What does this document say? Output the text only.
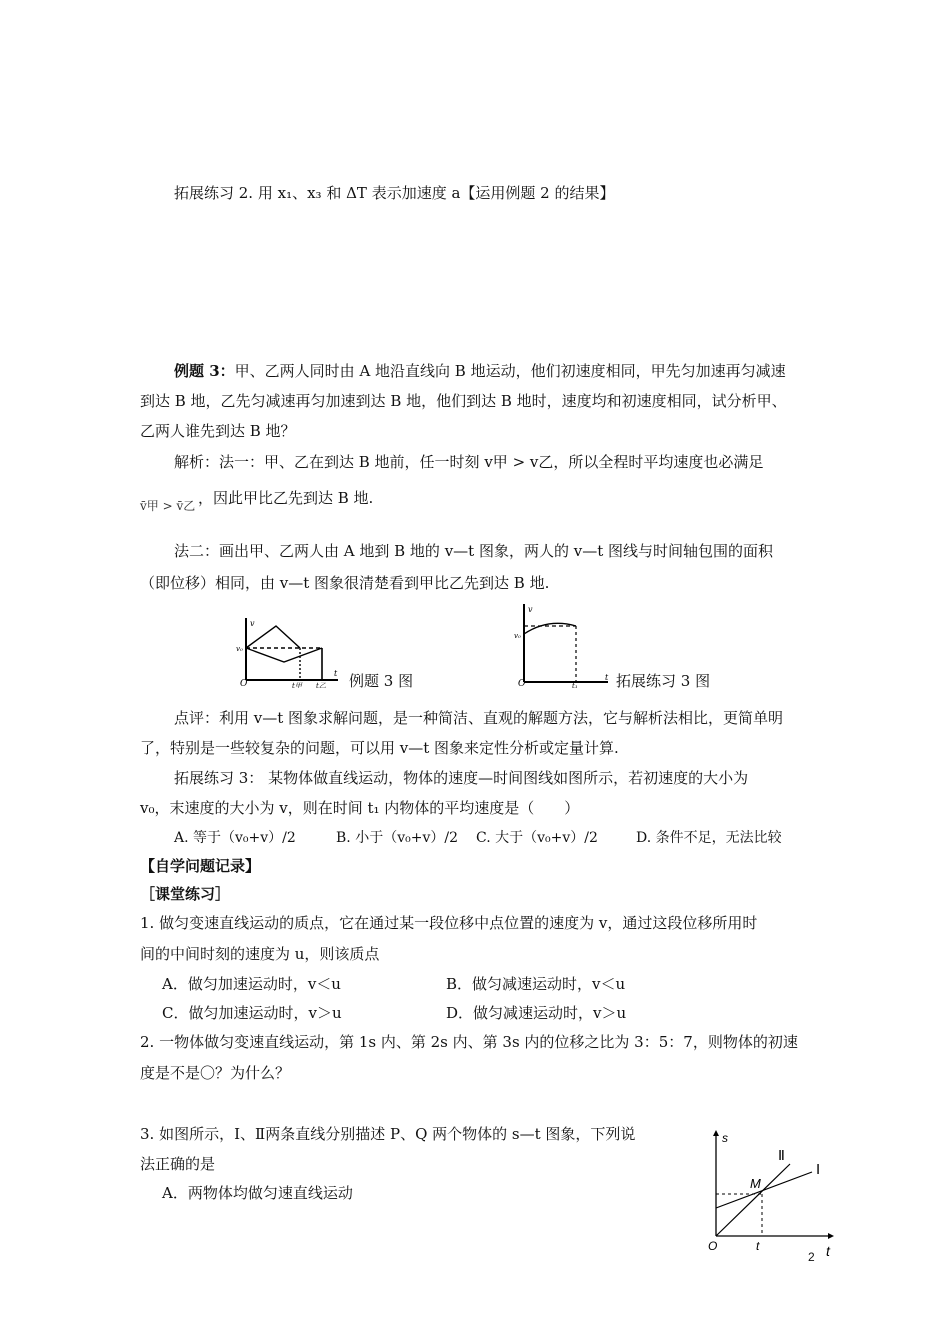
拓展练习 2. 用 x₁、x₃ 和 ΔT 表示加速度 a【运用例题 2 的结果】
例题 3：甲、乙两人同时由 A 地沿直线向 B 地运动，他们初速度相同，甲先匀加速再匀减速
到达 B 地，乙先匀减速再匀加速到达 B 地，他们到达 B 地时，速度均和初速度相同，试分析甲、
乙两人谁先到达 B 地？
解析：法一：甲、乙在到达 B 地前，任一时刻 v甲 > v乙，所以全程时平均速度也必满足
v̄甲 > v̄乙 ，因此甲比乙先到达 B 地.
法二：画出甲、乙两人由 A 地到 B 地的 v—t 图象，两人的 v—t 图线与时间轴包围的面积
（即位移）相同，由 v—t 图象很清楚看到甲比乙先到达 B 地.
v
t
v₀
O	t甲 t乙 例题 3 图
v
t
v₀
O	t₁	拓展练习 3 图
点评：利用 v—t 图象求解问题，是一种简洁、直观的解题方法，它与解析法相比，更简单明
了，特别是一些较复杂的问题，可以用 v—t 图象来定性分析或定量计算.
拓展练习 3： 某物体做直线运动，物体的速度—时间图线如图所示，若初速度的大小为
v₀，末速度的大小为 v，则在时间 t₁ 内物体的平均速度是（　　）
A. 等于（v₀+v）/2	B. 小于（v₀+v）/2 C. 大于（v₀+v）/2	D. 条件不足，无法比较
【自学问题记录】
［课堂练习］
1. 做匀变速直线运动的质点，它在通过某一段位移中点位置的速度为 v，通过这段位移所用时
间的中间时刻的速度为 u，则该质点
A．做匀加速运动时，v＜u	B．做匀减速运动时，v＜u
C．做匀加速运动时，v＞u	D．做匀减速运动时，v＞u
2. 一物体做匀变速直线运动，第 1s 内、第 2s 内、第 3s 内的位移之比为 3：5：7，则物体的初速
度是不是〇？为什么？
3. 如图所示，Ⅰ、Ⅱ两条直线分别描述 P、Q 两个物体的 s—t 图象，下列说
法正确的是
A．两物体均做匀速直线运动
s
t
O
Ⅰ
Ⅱ
M
t
2
